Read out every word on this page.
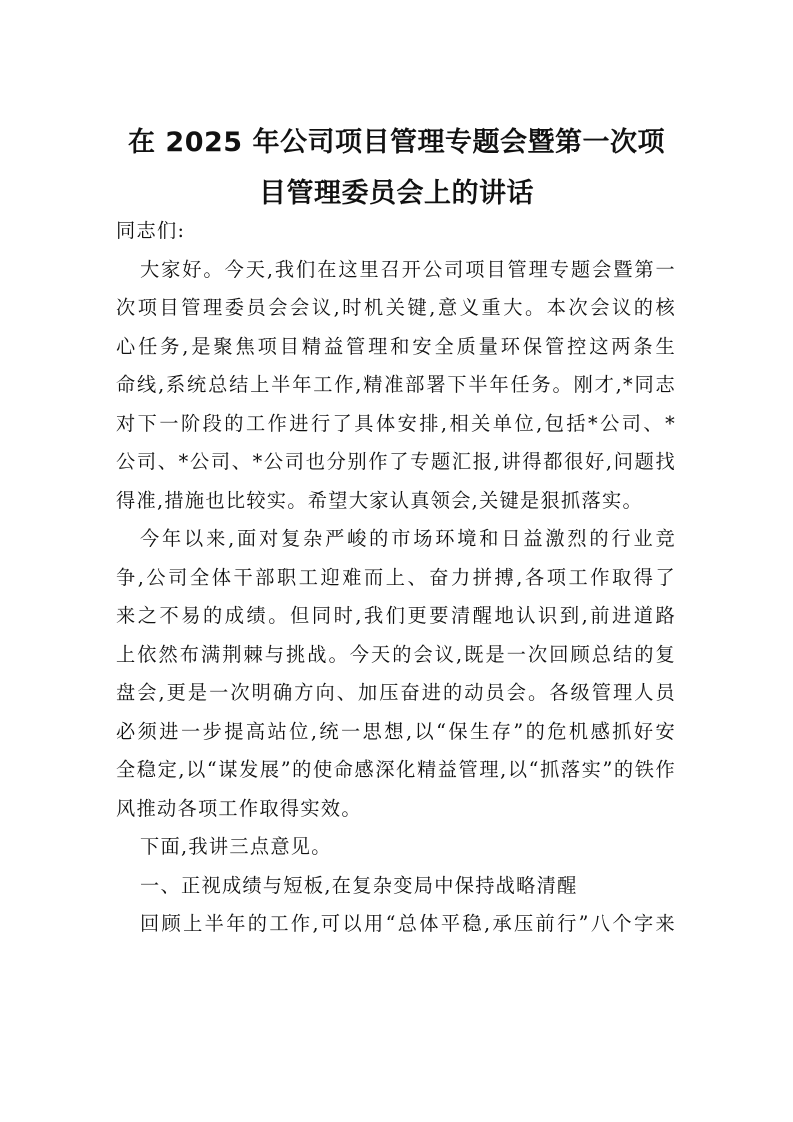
在 2025 年公司项目管理专题会暨第一次项
目管理委员会上的讲话
同志们:
大家好。今天,我们在这里召开公司项目管理专题会暨第一
次项目管理委员会会议,时机关键,意义重大。本次会议的核
心任务,是聚焦项目精益管理和安全质量环保管控这两条生
命线,系统总结上半年工作,精准部署下半年任务。刚才,*同志
对下一阶段的工作进行了具体安排,相关单位,包括*公司、*
公司、*公司、*公司也分别作了专题汇报,讲得都很好,问题找
得准,措施也比较实。希望大家认真领会,关键是狠抓落实。
今年以来,面对复杂严峻的市场环境和日益激烈的行业竞
争,公司全体干部职工迎难而上、奋力拼搏,各项工作取得了
来之不易的成绩。但同时,我们更要清醒地认识到,前进道路
上依然布满荆棘与挑战。今天的会议,既是一次回顾总结的复
盘会,更是一次明确方向、加压奋进的动员会。各级管理人员
必须进一步提高站位,统一思想,以“保生存”的危机感抓好安
全稳定,以“谋发展”的使命感深化精益管理,以“抓落实”的铁作
风推动各项工作取得实效。
下面,我讲三点意见。
一、正视成绩与短板,在复杂变局中保持战略清醒
回顾上半年的工作,可以用“总体平稳,承压前行”八个字来
